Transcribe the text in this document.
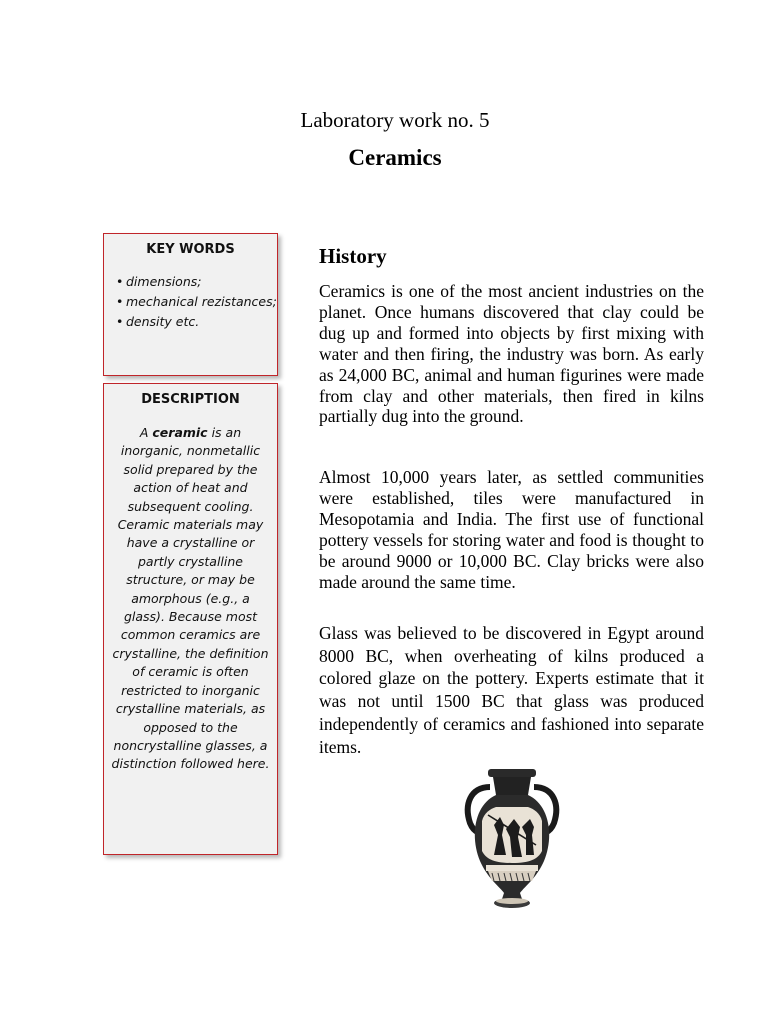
Laboratory work no. 5
Ceramics
KEY WORDS
• dimensions;
• mechanical rezistances;
• density etc.
DESCRIPTION
A ceramic is an inorganic, nonmetallic solid prepared by the action of heat and subsequent cooling. Ceramic materials may have a crystalline or partly crystalline structure, or may be amorphous (e.g., a glass). Because most common ceramics are crystalline, the definition of ceramic is often restricted to inorganic crystalline materials, as opposed to the noncrystalline glasses, a distinction followed here.
History

Ceramics is one of the most ancient industries on the planet. Once humans discovered that clay could be dug up and formed into objects by first mixing with water and then firing, the industry was born. As early as 24,000 BC, animal and human figurines were made from clay and other materials, then fired in kilns partially dug into the ground.

Almost 10,000 years later, as settled communities were established, tiles were manufactured in Mesopotamia and India. The first use of functional pottery vessels for storing water and food is thought to be around 9000 or 10,000 BC. Clay bricks were also made around the same time.

Glass was believed to be discovered in Egypt around 8000 BC, when overheating of kilns produced a colored glaze on the pottery. Experts estimate that it was not until 1500 BC that glass was produced independently of ceramics and fashioned into separate items.
